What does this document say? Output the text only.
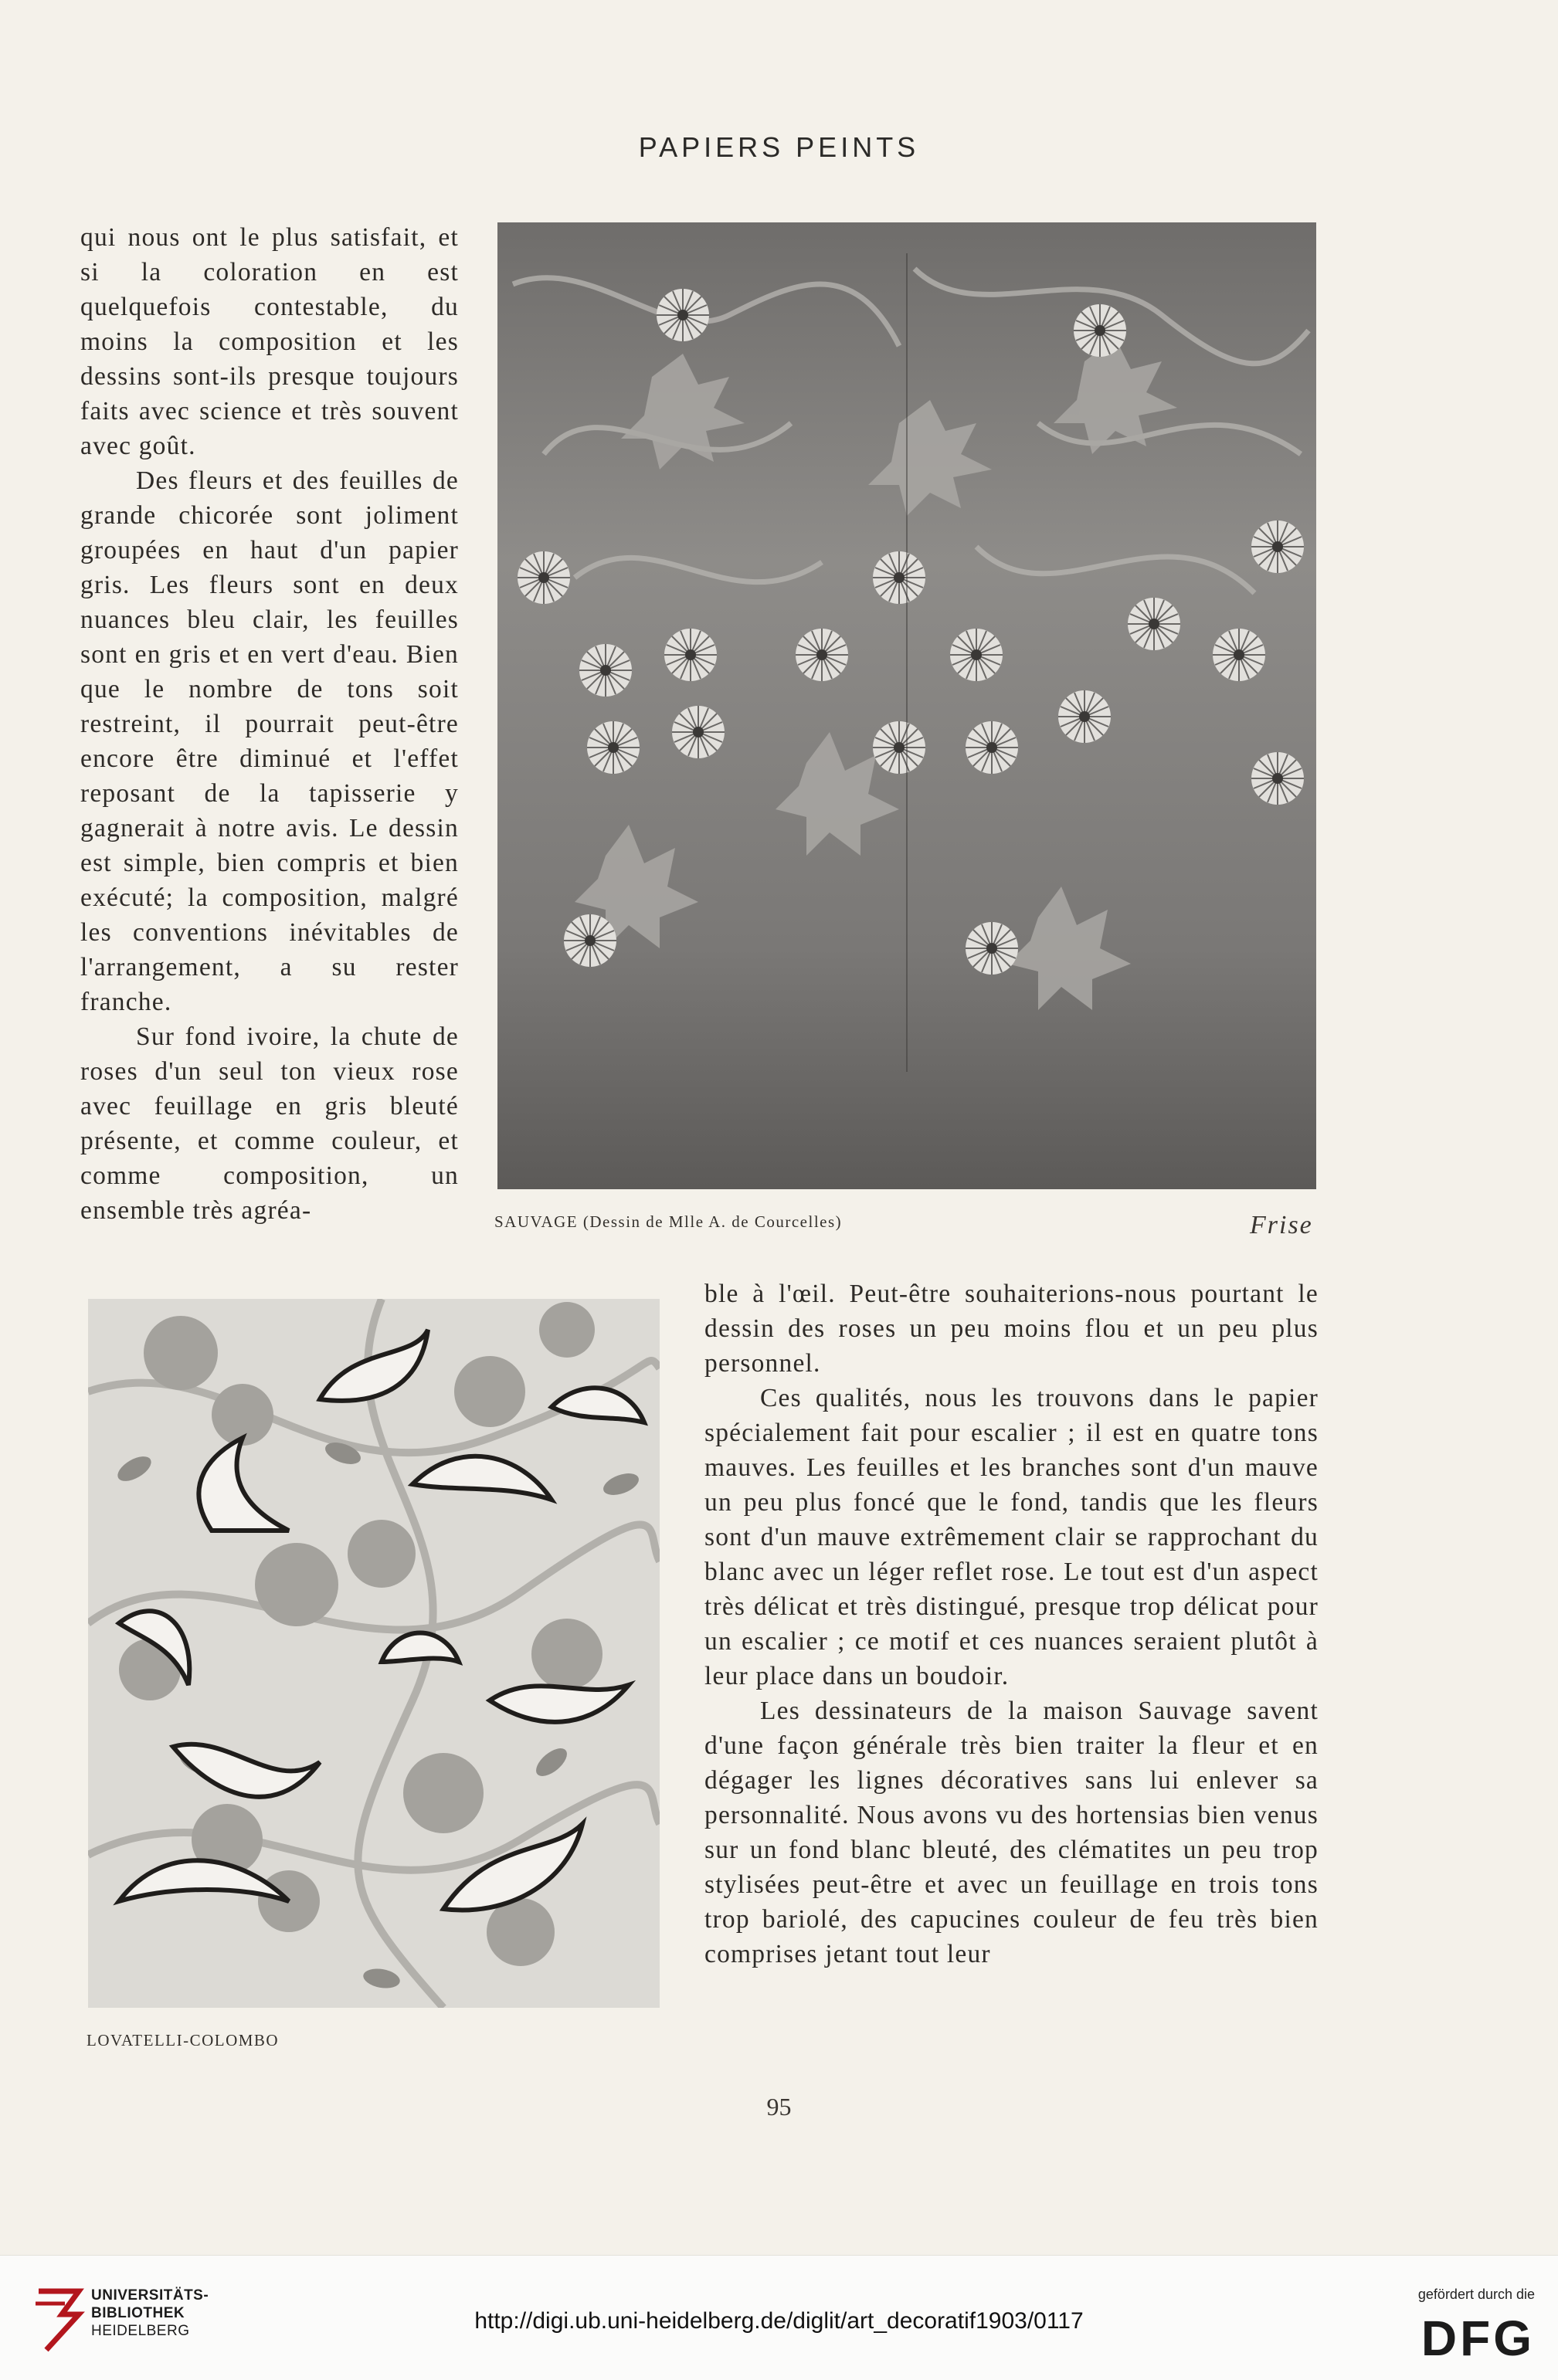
PAPIERS PEINTS

qui nous ont le plus satisfait, et si la coloration en est quelquefois contestable, du moins la composition et les dessins sont-ils presque toujours faits avec science et très souvent avec goût.

Des fleurs et des feuilles de grande chicorée sont joliment groupées en haut d'un papier gris. Les fleurs sont en deux nuances bleu clair, les feuilles sont en gris et en vert d'eau. Bien que le nombre de tons soit restreint, il pourrait peut-être encore être diminué et l'effet reposant de la tapisserie y gagnerait à notre avis. Le dessin est simple, bien compris et bien exécuté; la composition, malgré les conventions inévitables de l'arrangement, a su rester franche.

Sur fond ivoire, la chute de roses d'un seul ton vieux rose avec feuillage en gris bleuté présente, et comme couleur, et comme composition, un ensemble très agréa-	SAUVAGE (Dessin de Mlle A. de Courcelles)	Frise
LOVATELLI-COLOMBO

ble à l'œil. Peut-être souhaiterions-nous pourtant le dessin des roses un peu moins flou et un peu plus personnel.

Ces qualités, nous les trouvons dans le papier spécialement fait pour escalier ; il est en quatre tons mauves. Les feuilles et les branches sont d'un mauve un peu plus foncé que le fond, tandis que les fleurs sont d'un mauve extrêmement clair se rapprochant du blanc avec un léger reflet rose. Le tout est d'un aspect très délicat et très distingué, presque trop délicat pour un escalier ; ce motif et ces nuances seraient plutôt à leur place dans un boudoir.

Les dessinateurs de la maison Sauvage savent d'une façon générale très bien traiter la fleur et en dégager les lignes décoratives sans lui enlever sa personnalité. Nous avons vu des hortensias bien venus sur un fond blanc bleuté, des clématites un peu trop stylisées peut-être et avec un feuillage en trois tons trop bariolé, des capucines couleur de feu très bien comprises jetant tout leur

95
UNIVERSITÄTS-
BIBLIOTHEK
HEIDELBERG	http://digi.ub.uni-heidelberg.de/diglit/art_decoratif1903/0117
gefördert durch die
DFG
